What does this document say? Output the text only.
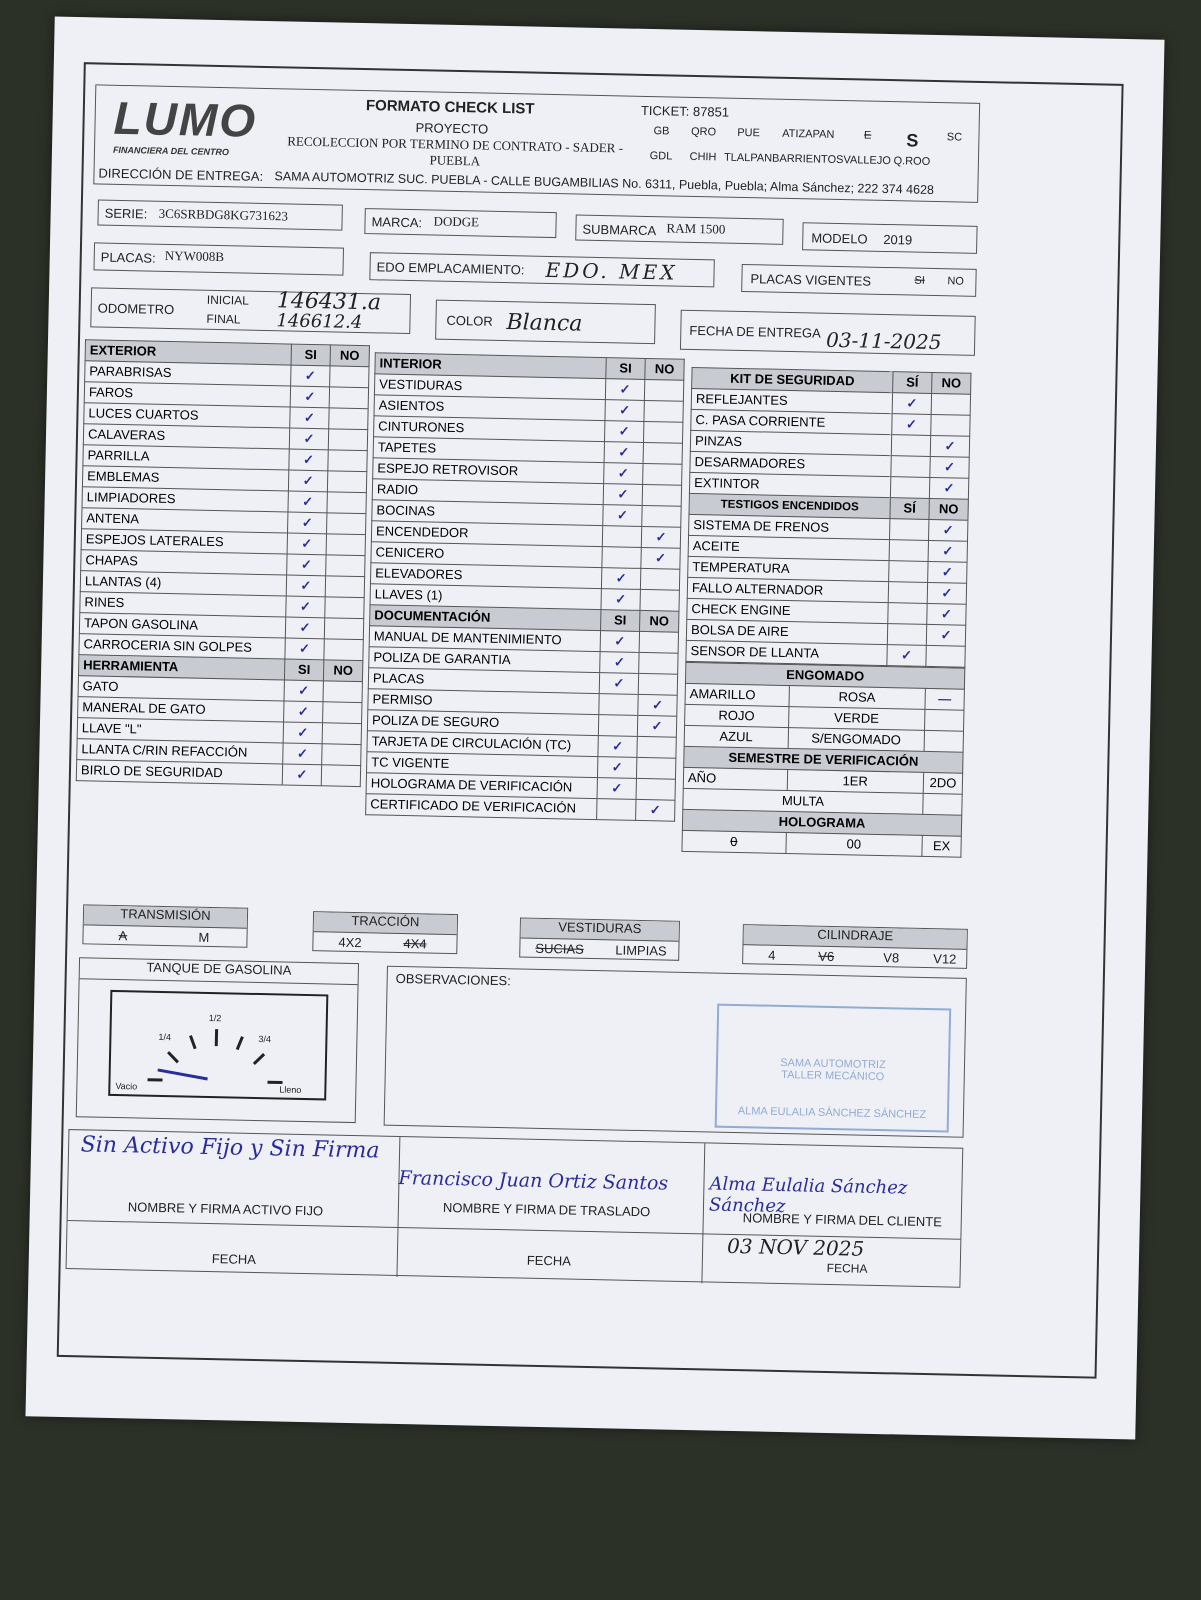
LUMO
FINANCIERA DEL CENTRO
FORMATO CHECK LIST
PROYECTO
RECOLECCION POR TERMINO DE CONTRATO - SADER - PUEBLA
TICKET: 87851
GB	QRO	PUE	ATIZAPAN	E	S	SC
GDL	CHIH TLALPAN BARRIENTOS VALLEJO Q.ROO
DIRECCIÓN DE ENTREGA: SAMA AUTOMOTRIZ SUC. PUEBLA - CALLE BUGAMBILIAS No. 6311, Puebla, Puebla; Alma Sánchez; 222 374 4628
SERIE: 3C6SRBDG8KG731623	MARCA: DODGE
SUBMARCA RAM 1500
MODELO 2019
PLACAS: NYW008B
EDO EMPLACAMIENTO: EDO. MEX	PLACAS VIGENTES	SI NO
ODOMETRO
INICIAL 146431.a
FINAL 146612.4	COLOR Blanca	FECHA DE ENTREGA 03-11-2025
EXTERIOR	SI	NO
PARABRISAS	✓	
FAROS	✓	
LUCES CUARTOS	✓	
CALAVERAS	✓	
PARRILLA	✓	
EMBLEMAS	✓	
LIMPIADORES	✓	
ANTENA	✓	
ESPEJOS LATERALES	✓	
CHAPAS	✓	
LLANTAS (4)	✓	
RINES	✓	
TAPON GASOLINA	✓	
CARROCERIA SIN GOLPES	✓	
HERRAMIENTA	SI	NO
GATO	✓	
MANERAL DE GATO	✓	
LLAVE "L"	✓	
LLANTA C/RIN REFACCIÓN	✓	
BIRLO DE SEGURIDAD	✓	
INTERIOR	SI	NO
VESTIDURAS	✓	
ASIENTOS	✓	
CINTURONES	✓	
TAPETES	✓	
ESPEJO RETROVISOR	✓	
RADIO	✓	
BOCINAS	✓	
ENCENDEDOR		✓
CENICERO		✓
ELEVADORES	✓	
LLAVES (1)	✓	
DOCUMENTACIÓN	SI	NO
MANUAL DE MANTENIMIENTO	✓	
POLIZA DE GARANTIA	✓	
PLACAS	✓	
PERMISO		✓
POLIZA DE SEGURO		✓
TARJETA DE CIRCULACIÓN (TC)	✓	
TC VIGENTE	✓	
HOLOGRAMA DE VERIFICACIÓN	✓	
CERTIFICADO DE VERIFICACIÓN		✓
KIT DE SEGURIDAD	SÍ	NO
REFLEJANTES	✓	
C. PASA CORRIENTE	✓	
PINZAS		✓
DESARMADORES		✓
EXTINTOR		✓
TESTIGOS ENCENDIDOS	SÍ	NO
SISTEMA DE FRENOS		✓
ACEITE		✓
TEMPERATURA		✓
FALLO ALTERNADOR		✓
CHECK ENGINE		✓
BOLSA DE AIRE		✓
SENSOR DE LLANTA	✓	
ENGOMADO		
AMARILLO	ROSA	—
ROJO	VERDE	
AZUL	S/ENGOMADO	
SEMESTRE DE VERIFICACIÓN		
AÑO	1ER	2DO
MULTA		
HOLOGRAMA		
0	00	EX
TRANSMISIÓN
A	M
TRACCIÓN
4X2	4X4
VESTIDURAS
SUCIAS LIMPIAS
CILINDRAJE
4	V6	V8	V12
TANQUE DE GASOLINA
1/4
1/2
3/4
Vacio	Lleno
OBSERVACIONES:
SAMA AUTOMOTRIZ
TALLER MECÁNICO
ALMA EULALIA SÁNCHEZ SÁNCHEZ
Sin Activo Fijo y Sin Firma
NOMBRE Y FIRMA ACTIVO FIJO
Francisco Juan Ortiz Santos
NOMBRE Y FIRMA DE TRASLADO
Alma Eulalia Sánchez Sánchez
NOMBRE Y FIRMA DEL CLIENTE
FECHA	FECHA	03 NOV 2025
FECHA
